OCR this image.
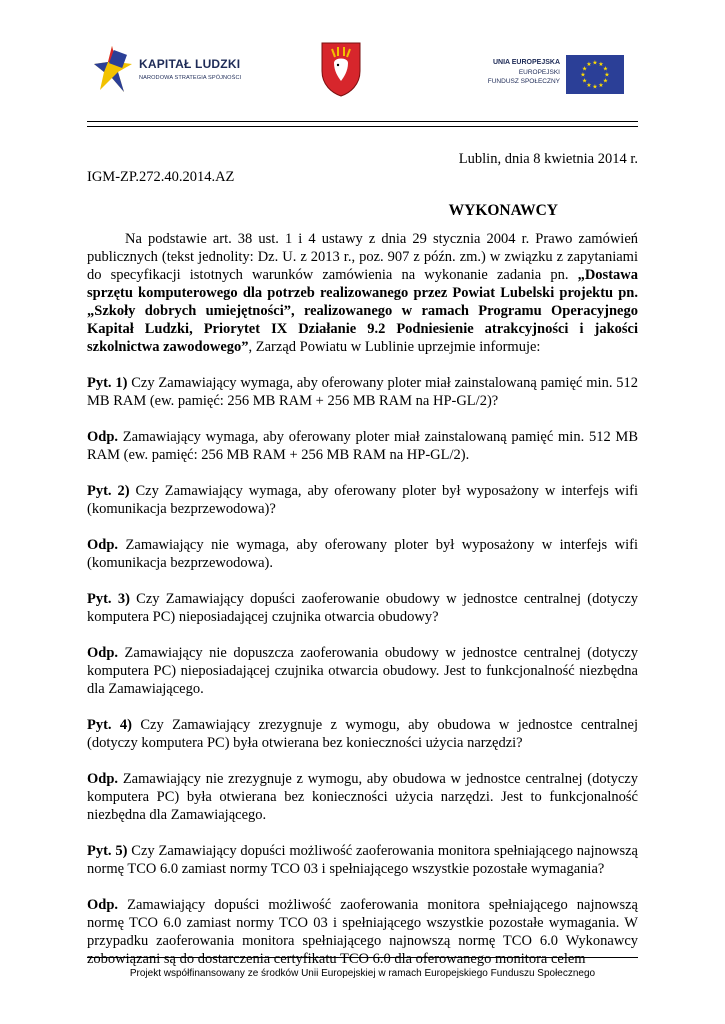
KAPITAŁ LUDZKI
NARODOWA STRATEGIA SPÓJNOŚCI
UNIA EUROPEJSKA
EUROPEJSKI
FUNDUSZ SPOŁECZNY
★ ★
★
★
★
★
★
★
★
★
★
★
Lublin, dnia 8 kwietnia 2014 r.
IGM-ZP.272.40.2014.AZ
WYKONAWCY
Na podstawie art. 38 ust. 1 i 4 ustawy z dnia 29 stycznia 2004 r. Prawo zamówień publicznych (tekst jednolity: Dz. U. z 2013 r., poz. 907 z późn. zm.) w związku z zapytaniami do specyfikacji istotnych warunków zamówienia na wykonanie zadania pn. „Dostawa sprzętu komputerowego dla potrzeb realizowanego przez Powiat Lubelski projektu pn. „Szkoły dobrych umiejętności”, realizowanego w ramach Programu Operacyjnego Kapitał Ludzki, Priorytet IX Działanie 9.2 Podniesienie atrakcyjności i jakości szkolnictwa zawodowego”, Zarząd Powiatu w Lublinie uprzejmie informuje:
Pyt. 1) Czy Zamawiający wymaga, aby oferowany ploter miał zainstalowaną pamięć min. 512 MB RAM (ew. pamięć: 256 MB RAM + 256 MB RAM na HP-GL/2)?
Odp. Zamawiający wymaga, aby oferowany ploter miał zainstalowaną pamięć min. 512 MB RAM (ew. pamięć: 256 MB RAM + 256 MB RAM na HP-GL/2).
Pyt. 2) Czy Zamawiający wymaga, aby oferowany ploter był wyposażony w interfejs wifi (komunikacja bezprzewodowa)?
Odp. Zamawiający nie wymaga, aby oferowany ploter był wyposażony w interfejs wifi (komunikacja bezprzewodowa).
Pyt. 3) Czy Zamawiający dopuści zaoferowanie obudowy w jednostce centralnej (dotyczy komputera PC) nieposiadającej czujnika otwarcia obudowy?
Odp. Zamawiający nie dopuszcza zaoferowania obudowy w jednostce centralnej (dotyczy komputera PC) nieposiadającej czujnika otwarcia obudowy. Jest to funkcjonalność niezbędna dla Zamawiającego.
Pyt. 4) Czy Zamawiający zrezygnuje z wymogu, aby obudowa w jednostce centralnej (dotyczy komputera PC) była otwierana bez konieczności użycia narzędzi?
Odp. Zamawiający nie zrezygnuje z wymogu, aby obudowa w jednostce centralnej (dotyczy komputera PC) była otwierana bez konieczności użycia narzędzi. Jest to funkcjonalność niezbędna dla Zamawiającego.
Pyt. 5) Czy Zamawiający dopuści możliwość zaoferowania monitora spełniającego najnowszą normę TCO 6.0 zamiast normy TCO 03 i spełniającego wszystkie pozostałe wymagania?
Odp. Zamawiający dopuści możliwość zaoferowania monitora spełniającego najnowszą normę TCO 6.0 zamiast normy TCO 03 i spełniającego wszystkie pozostałe wymagania. W przypadku zaoferowania monitora spełniającego najnowszą normę TCO 6.0 Wykonawcy zobowiązani są do dostarczenia certyfikatu TCO 6.0 dla oferowanego monitora celem
Projekt współfinansowany ze środków Unii Europejskiej w ramach Europejskiego Funduszu Społecznego
